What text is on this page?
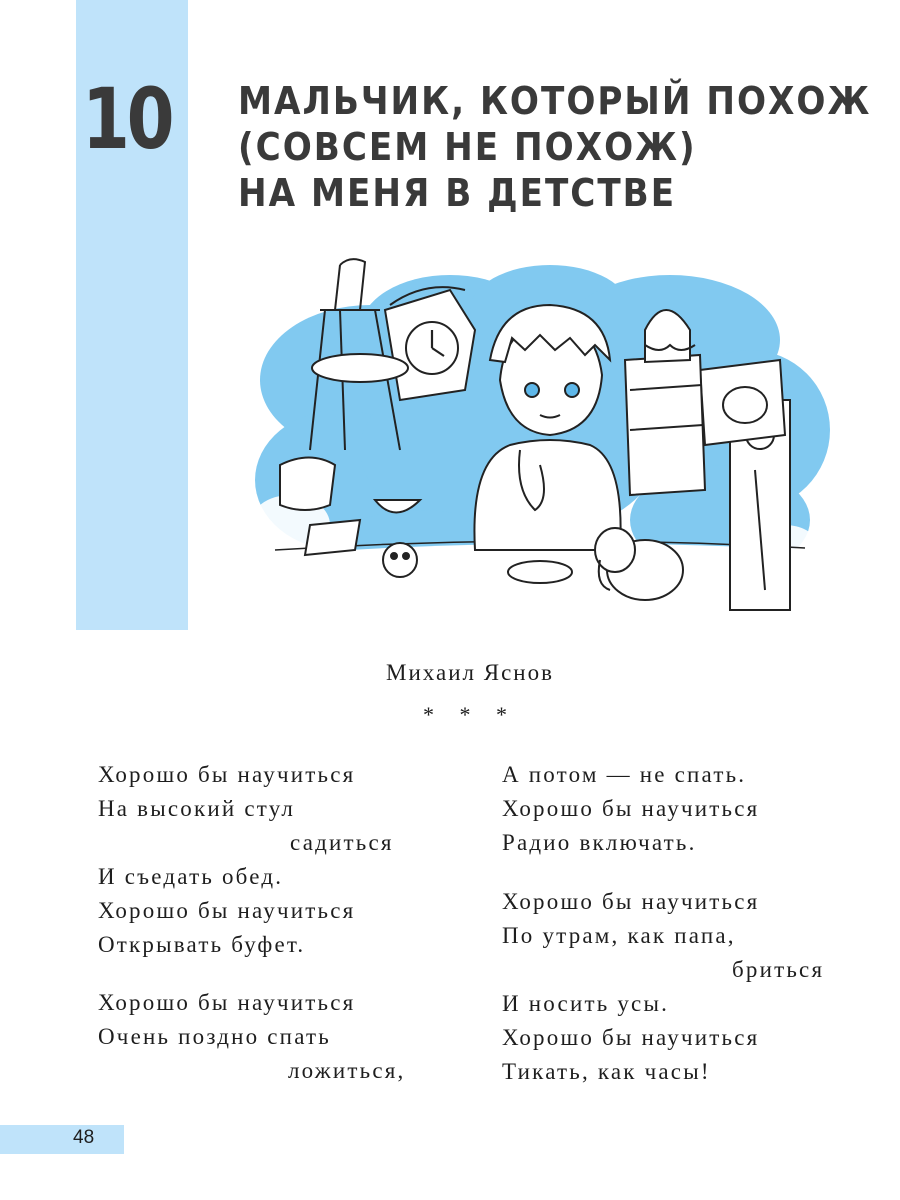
10 МАЛЬЧИК, КОТОРЫЙ ПОХОЖ
(СОВСЕМ НЕ ПОХОЖ)
НА МЕНЯ В ДЕТСТВЕ
Михаил Яснов
* * *
Хорошо бы научиться
На высокий стул
садиться
И съедать обед.
Хорошо бы научиться
Открывать буфет.
Хорошо бы научиться
Очень поздно спать
ложиться,
А потом — не спать.
Хорошо бы научиться
Радио включать.
Хорошо бы научиться
По утрам, как папа,
бриться
И носить усы.
Хорошо бы научиться
Тикать, как часы!
48
